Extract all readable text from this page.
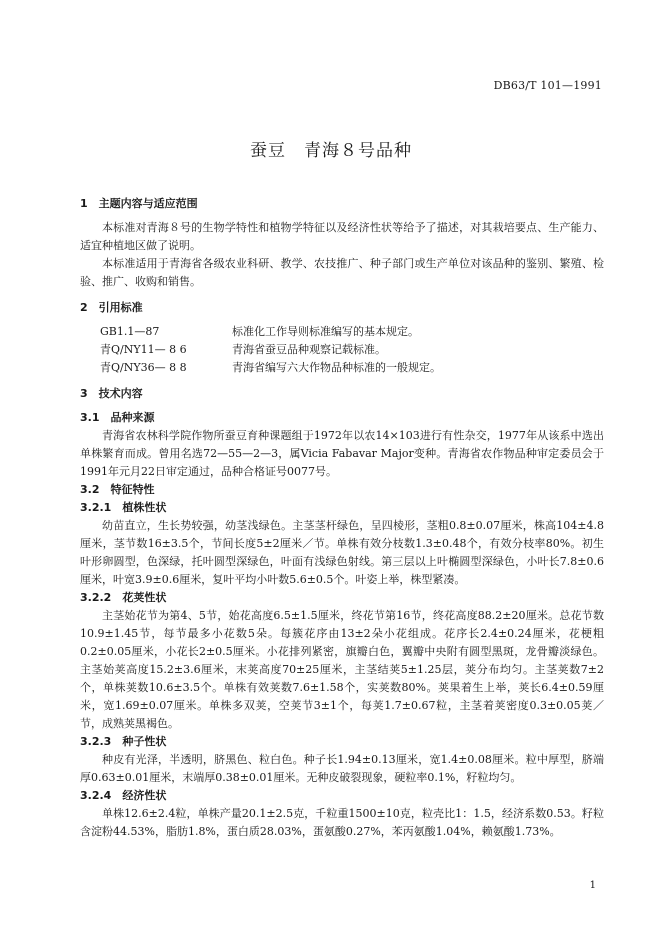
DB63/T 101—1991
蚕豆　青海８号品种

1　主题内容与适应范围

本标准对青海８号的生物学特性和植物学特征以及经济性状等给予了描述，对其栽培要点、生产能力、适宜种植地区做了说明。

本标准适用于青海省各级农业科研、教学、农技推广、种子部门或生产单位对该品种的鉴别、繁殖、检验、推广、收购和销售。

2　引用标准

GB1.1—87	标准化工作导则标准编写的基本规定。
青Q/NY11— 8 6	青海省蚕豆品种观察记载标准。
青Q/NY36— 8 8	青海省编写六大作物品种标准的一般规定。

3　技术内容

3.1　品种来源

青海省农林科学院作物所蚕豆育种课题组于1972年以农14×103进行有性杂交，1977年从该系中选出单株繁育而成。曾用名选72—55—2—3，属Vicia Fabavar Major变种。青海省农作物品种审定委员会于1991年元月22日审定通过，品种合格证号0077号。

3.2　特征特性

3.2.1　植株性状

幼苗直立，生长势较强，幼茎浅绿色。主茎茎杆绿色，呈四棱形，茎粗0.8±0.07厘米，株高104±4.8厘米，茎节数16±3.5个，节间长度5±2厘米／节。单株有效分枝数1.3±0.48个，有效分枝率80%。初生叶形卵圆型，色深绿，托叶圆型深绿色，叶面有浅绿色射线。第三层以上叶椭圆型深绿色，小叶长7.8±0.6厘米，叶宽3.9±0.6厘米，复叶平均小叶数5.6±0.5个。叶姿上举，株型紧凑。

3.2.2　花荚性状

主茎始花节为第4、5节，始花高度6.5±1.5厘米，终花节第16节，终花高度88.2±20厘米。总花节数10.9±1.45节，每节最多小花数5朵。每簇花序由13±2朵小花组成。花序长2.4±0.24厘米，花梗粗0.2±0.05厘米，小花长2±0.5厘米。小花排列紧密，旗瓣白色，翼瓣中央附有圆型黑斑，龙骨瓣淡绿色。主茎始荚高度15.2±3.6厘米，末荚高度70±25厘米，主茎结荚5±1.25层，荚分布均匀。主茎荚数7±2个，单株荚数10.6±3.5个。单株有效荚数7.6±1.58个，实荚数80%。荚果着生上举，荚长6.4±0.59厘米，宽1.69±0.07厘米。单株多双荚，空荚节3±1个，每荚1.7±0.67粒，主茎着荚密度0.3±0.05荚／节，成熟荚黑褐色。

3.2.3　种子性状

种皮有光泽，半透明，脐黑色、粒白色。种子长1.94±0.13厘米，宽1.4±0.08厘米。粒中厚型，脐端厚0.63±0.01厘米，末端厚0.38±0.01厘米。无种皮破裂现象，硬粒率0.1%，籽粒均匀。

3.2.4　经济性状

单株12.6±2.4粒，单株产量20.1±2.5克，千粒重1500±10克，粒壳比1：1.5，经济系数0.53。籽粒含淀粉44.53%，脂肪1.8%，蛋白质28.03%，蛋氨酸0.27%，苯丙氨酸1.04%，赖氨酸1.73%。

1
